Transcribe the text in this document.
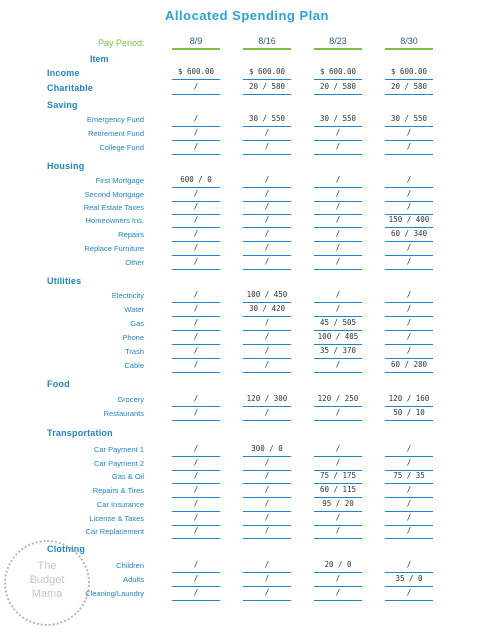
Allocated Spending Plan
Pay Period:
Item
8/9	8/16	8/23	8/30
Income	$ 600.00	$ 600.00	$ 600.00	$ 600.00
Charitable	/	20 / 580	20 / 580	20 / 580
Saving
Emergency Fund	/	30 / 550	30 / 550	30 / 550
Retirement Fund	/	/	/	/
College Fund	/	/	/	/
Housing
First Mortgage	600 / 0	/	/	/
Second Mortgage	/	/	/	/
Real Estate Taxes	/	/	/	/
Homeowners Ins.	/	/	/	150 / 400
Repairs	/	/	/	60 / 340
Replace Furniture	/	/	/	/
Other	/	/	/	/
Utilities
Electricity	/	100 / 450	/	/
Water	/	30 / 420	/	/
Gas	/	/	45 / 505	/
Phone	/	/	100 / 405	/
Trash	/	/	35 / 370	/
Cable	/	/	/	60 / 280
Food
Grocery	/	120 / 300	120 / 250	120 / 160
Restaurants	/	/	/	50 / 10
Transportation
Car Payment 1	/	300 / 0	/	/
Car Payment 2	/	/	/	/
Gas & Oil	/	/	75 / 175	75 / 35
Repairs & Tires	/	/	60 / 115	/
Car Insurance	/	/	95 / 20	/
License & Taxes	/	/	/	/
Car Replacement	/	/	/	/
Clothing
Children	/	/	20 / 0	/
Adults	/	/	/	35 / 0
Cleaning/Laundry	/	/	/	/
The
Budget
Mama
